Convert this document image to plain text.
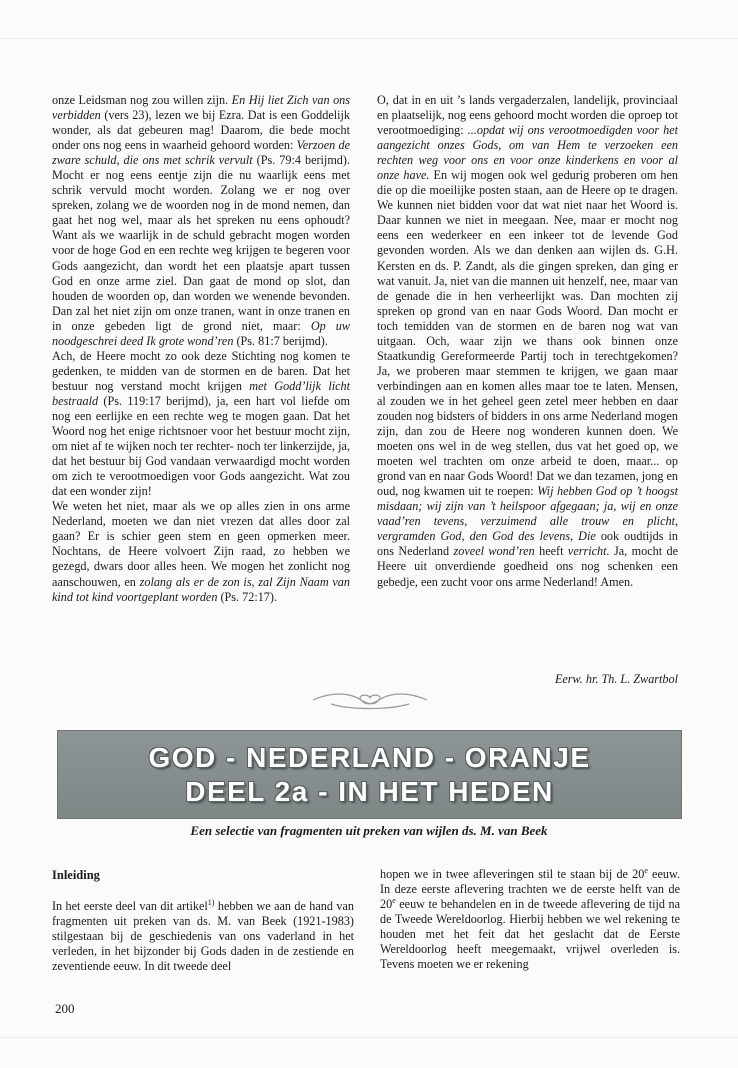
onze Leidsman nog zou willen zijn. En Hij liet Zich van ons verbidden (vers 23), lezen we bij Ezra. Dat is een Goddelijk wonder, als dat gebeuren mag! Daarom, die bede mocht onder ons nog eens in waarheid gehoord worden: Verzoen de zware schuld, die ons met schrik vervult (Ps. 79:4 berijmd). Mocht er nog eens eentje zijn die nu waarlijk eens met schrik vervuld mocht worden. Zolang we er nog over spreken, zolang we de woorden nog in de mond nemen, dan gaat het nog wel, maar als het spreken nu eens ophoudt? Want als we waarlijk in de schuld gebracht mogen worden voor de hoge God en een rechte weg krijgen te begeren voor Gods aangezicht, dan wordt het een plaatsje apart tussen God en onze arme ziel. Dan gaat de mond op slot, dan houden de woorden op, dan worden we wenende bevonden. Dan zal het niet zijn om onze tranen, want in onze tranen en in onze gebeden ligt de grond niet, maar: Op uw noodgeschrei deed Ik grote wond’ren (Ps. 81:7 berijmd).

Ach, de Heere mocht zo ook deze Stichting nog komen te gedenken, te midden van de stormen en de baren. Dat het bestuur nog verstand mocht krijgen met Godd’lijk licht bestraald (Ps. 119:17 berijmd), ja, een hart vol liefde om nog een eerlijke en een rechte weg te mogen gaan. Dat het Woord nog het enige richtsnoer voor het bestuur mocht zijn, om niet af te wijken noch ter rechter- noch ter linkerzijde, ja, dat het bestuur bij God vandaan verwaardigd mocht worden om zich te verootmoedigen voor Gods aangezicht. Wat zou dat een wonder zijn!

We weten het niet, maar als we op alles zien in ons arme Nederland, moeten we dan niet vrezen dat alles door zal gaan? Er is schier geen stem en geen opmerken meer. Nochtans, de Heere volvoert Zijn raad, zo hebben we gezegd, dwars door alles heen. We mogen het zonlicht nog aanschouwen, en zolang als er de zon is, zal Zijn Naam van kind tot kind voortgeplant worden (Ps. 72:17).

O, dat in en uit ’s lands vergaderzalen, landelijk, provinciaal en plaatselijk, nog eens gehoord mocht worden die oproep tot verootmoediging: ...opdat wij ons verootmoedigden voor het aangezicht onzes Gods, om van Hem te verzoeken een rechten weg voor ons en voor onze kinderkens en voor al onze have. En wij mogen ook wel gedurig proberen om hen die op die moeilijke posten staan, aan de Heere op te dragen. We kunnen niet bidden voor dat wat niet naar het Woord is. Daar kunnen we niet in meegaan. Nee, maar er mocht nog eens een wederkeer en een inkeer tot de levende God gevonden worden. Als we dan denken aan wijlen ds. G.H. Kersten en ds. P. Zandt, als die gingen spreken, dan ging er wat vanuit. Ja, niet van die mannen uit henzelf, nee, maar van de genade die in hen verheerlijkt was. Dan mochten zij spreken op grond van en naar Gods Woord. Dan mocht er toch temidden van de stormen en de baren nog wat van uitgaan. Och, waar zijn we thans ook binnen onze Staatkundig Gereformeerde Partij toch in terechtgekomen? Ja, we proberen maar stemmen te krijgen, we gaan maar verbindingen aan en komen alles maar toe te laten. Mensen, al zouden we in het geheel geen zetel meer hebben en daar zouden nog bidsters of bidders in ons arme Nederland mogen zijn, dan zou de Heere nog wonderen kunnen doen. We moeten ons wel in de weg stellen, dus vat het goed op, we moeten wel trachten om onze arbeid te doen, maar... op grond van en naar Gods Woord! Dat we dan tezamen, jong en oud, nog kwamen uit te roepen: Wij hebben God op ’t hoogst misdaan; wij zijn van ’t heilspoor afgegaan; ja, wij en onze vaad’ren tevens, verzuimend alle trouw en plicht, vergramden God, den God des levens, Die ook oudtijds in ons Nederland zoveel wond’ren heeft verricht. Ja, mocht de Heere uit onverdiende goedheid ons nog schenken een gebedje, een zucht voor ons arme Nederland! Amen.

Eerw. hr. Th. L. Zwartbol
GOD - NEDERLAND - ORANJE
DEEL 2a - IN HET HEDEN
Een selectie van fragmenten uit preken van wijlen ds. M. van Beek
Inleiding

In het eerste deel van dit artikel$^{1)}$ hebben we aan de hand van fragmenten uit preken van ds. M. van Beek (1921-1983) stilgestaan bij de geschiedenis van ons vaderland in het verleden, in het bijzonder bij Gods daden in de zestiende en zeventiende eeuw. In dit tweede deel

hopen we in twee afleveringen stil te staan bij de 20e eeuw. In deze eerste aflevering trachten we de eerste helft van de 20e eeuw te behandelen en in de tweede aflevering de tijd na de Tweede Wereldoorlog. Hierbij hebben we wel rekening te houden met het feit dat het geslacht dat de Eerste Wereldoorlog heeft meegemaakt, vrijwel overleden is. Tevens moeten we er rekening

200
